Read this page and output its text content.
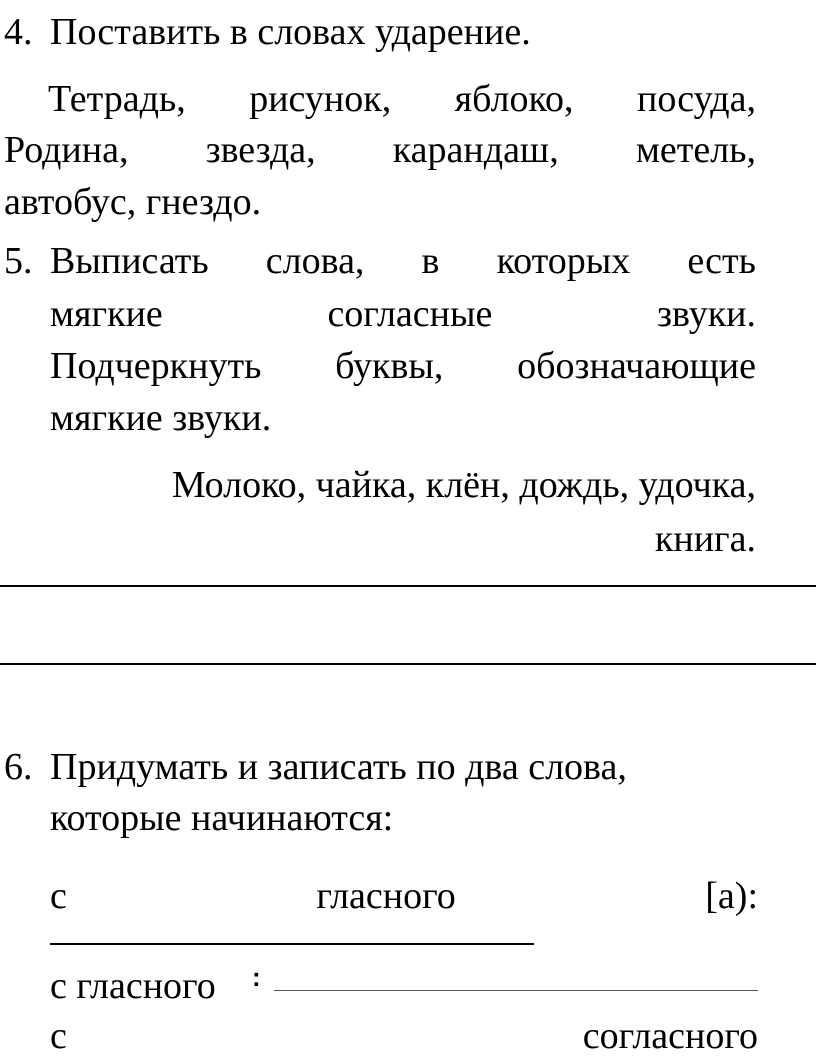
4. Поставить в словах ударение.
Тетрадь, рисунок, яблоко, посуда,
Родина, звезда, карандаш, метель,
автобус, гнездо.
5. Выписать слова, в которых есть
мягкие	согласные	звуки.
Подчеркнуть буквы, обозначающие
мягкие звуки.
Молоко, чайка, клён, дождь, удочка,
книга.
6. Придумать и записать по два слова,
которые начинаются:
с	гласного	[а):
с гласного :
с	согласного
